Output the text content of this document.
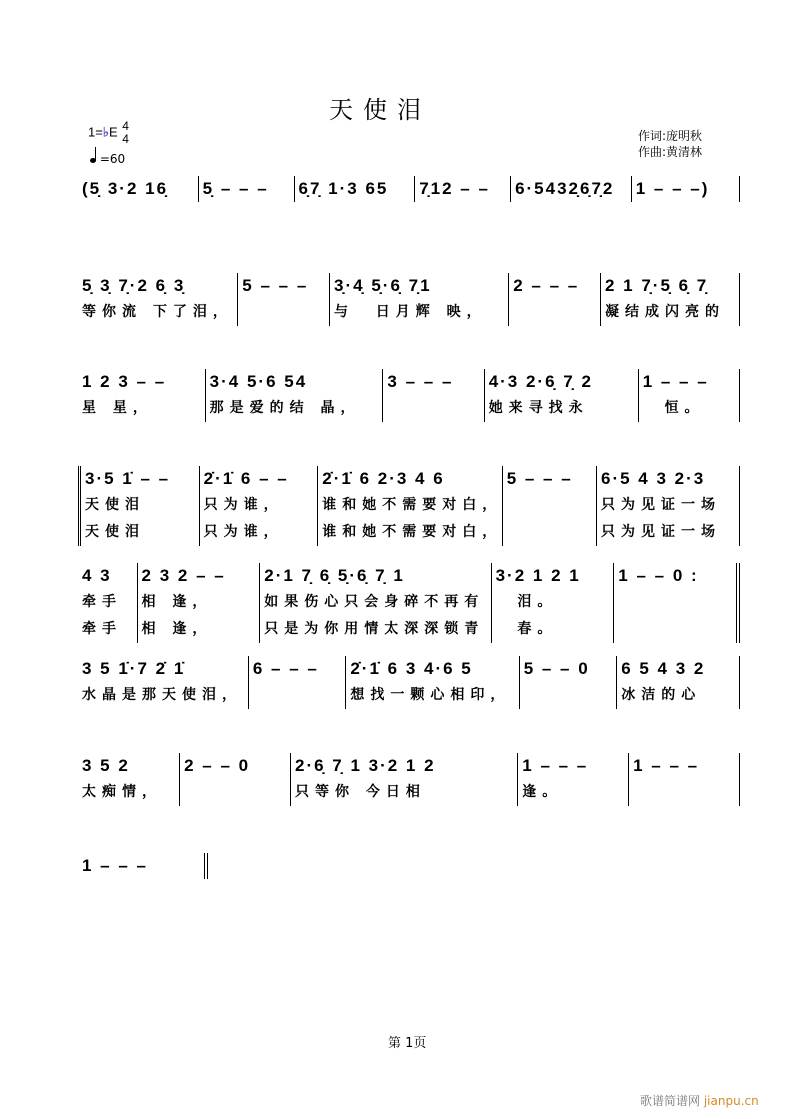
天使泪
1=♭E 4
4
=60
作词:庞明秋
作曲:黄清林
(5̣ 3·2 16̣	5̣ – – –	6̣7̣ 1·3 65	7̣12 – –	6·5432̣6̣7̣2	1 – – –)
5̣ 3̣ 7̣·2 6̣ 3̣
等你流 下了泪，
5 – – –	3̣·4̣ 5̣·6̣ 7̣1
与  日月辉 映，
2 – – –	2 1 7̣·5̣ 6̣ 7̣
凝结成闪亮的
1 2 3 – –
星 星，
3·4 5·6 54
那是爱的结 晶，
3 – – –	4·3 2·6̣ 7̣ 2
她来寻找永
1 – – –
恒。
3·5 1̇ – –
天使泪
天使泪
2̇·1̇ 6 – –
只为谁，
只为谁，
2̇·1̇ 6 2·3 4 6
谁和她不需要对白，
谁和她不需要对白，
5 – – –	6·5 4 3 2·3
只为见证一场
只为见证一场
4 3
牵手
牵手
2 3 2 – –
相 逢，
相 逢，
2·1 7̣ 6̣ 5̣·6̣ 7̣ 1
如果伤心只会身碎不再有
只是为你用情太深深锁青
3·2 1 2 1
泪。
春。
1 – – 0 :
3 5 1̇·7 2̇ 1̇
水晶是那天使泪，
6 – – –	2̇·1̇ 6 3 4·6 5
想找一颗心相印，
5 – – 0	6 5 4 3 2
冰洁的心
3 5 2
太痴情，
2 – – 0	2·6̣ 7̣ 1 3·2 1 2
只等你 今日相
1 – – –
逢。
1 – – –
1 – – –
第 1页
歌谱简谱网 jianpu.cn
